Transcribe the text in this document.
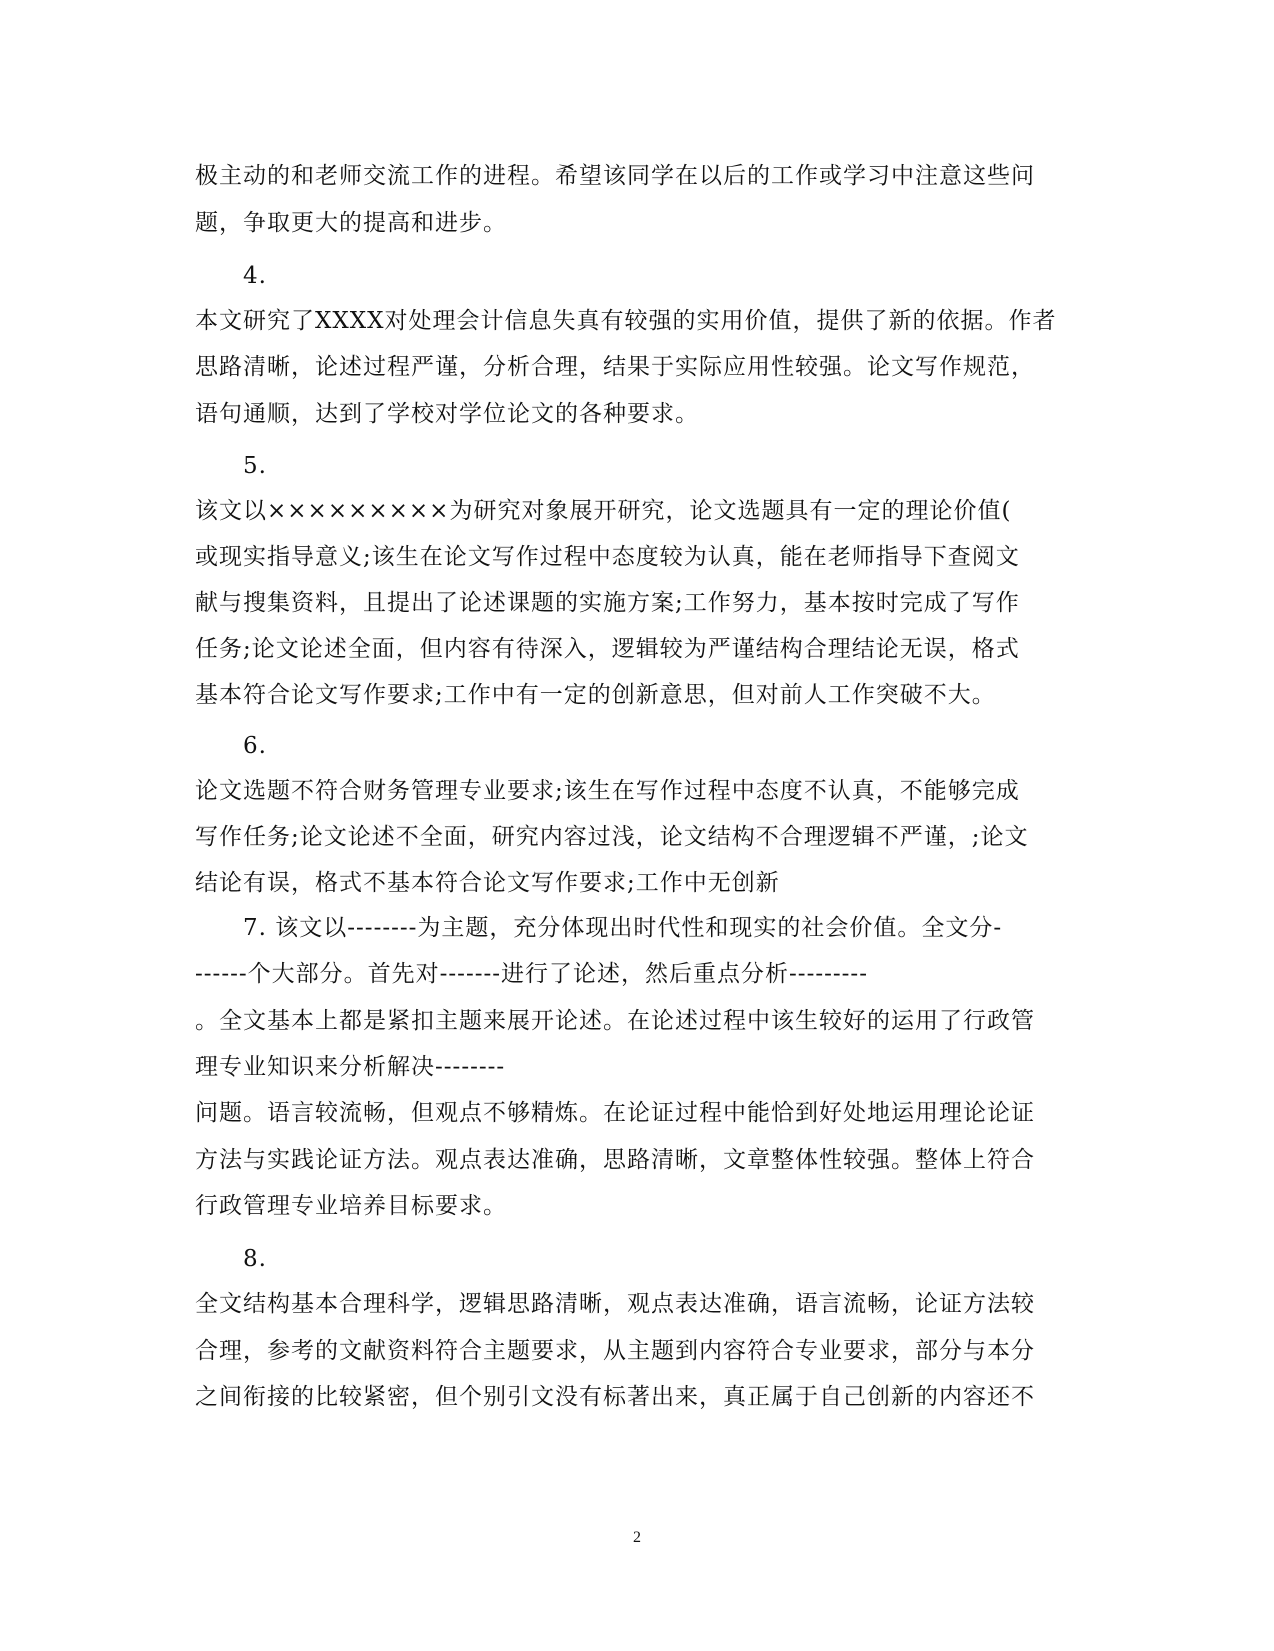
极主动的和老师交流工作的进程。希望该同学在以后的工作或学习中注意这些问
题，争取更大的提高和进步。
4.
本文研究了XXXX对处理会计信息失真有较强的实用价值，提供了新的依据。作者
思路清晰，论述过程严谨，分析合理，结果于实际应用性较强。论文写作规范，
语句通顺，达到了学校对学位论文的各种要求。
5.
该文以×××××××××为研究对象展开研究，论文选题具有一定的理论价值(
或现实指导意义;该生在论文写作过程中态度较为认真，能在老师指导下查阅文
献与搜集资料，且提出了论述课题的实施方案;工作努力，基本按时完成了写作
任务;论文论述全面，但内容有待深入，逻辑较为严谨结构合理结论无误，格式
基本符合论文写作要求;工作中有一定的创新意思，但对前人工作突破不大。
6.
论文选题不符合财务管理专业要求;该生在写作过程中态度不认真，不能够完成
写作任务;论文论述不全面，研究内容过浅，论文结构不合理逻辑不严谨，;论文
结论有误，格式不基本符合论文写作要求;工作中无创新
7. 该文以--------为主题，充分体现出时代性和现实的社会价值。全文分-
------个大部分。首先对-------进行了论述，然后重点分析---------
。全文基本上都是紧扣主题来展开论述。在论述过程中该生较好的运用了行政管
理专业知识来分析解决--------
问题。语言较流畅，但观点不够精炼。在论证过程中能恰到好处地运用理论论证
方法与实践论证方法。观点表达准确，思路清晰，文章整体性较强。整体上符合
行政管理专业培养目标要求。
8.
全文结构基本合理科学，逻辑思路清晰，观点表达准确，语言流畅，论证方法较
合理，参考的文献资料符合主题要求，从主题到内容符合专业要求，部分与本分
之间衔接的比较紧密，但个别引文没有标著出来，真正属于自己创新的内容还不
2
